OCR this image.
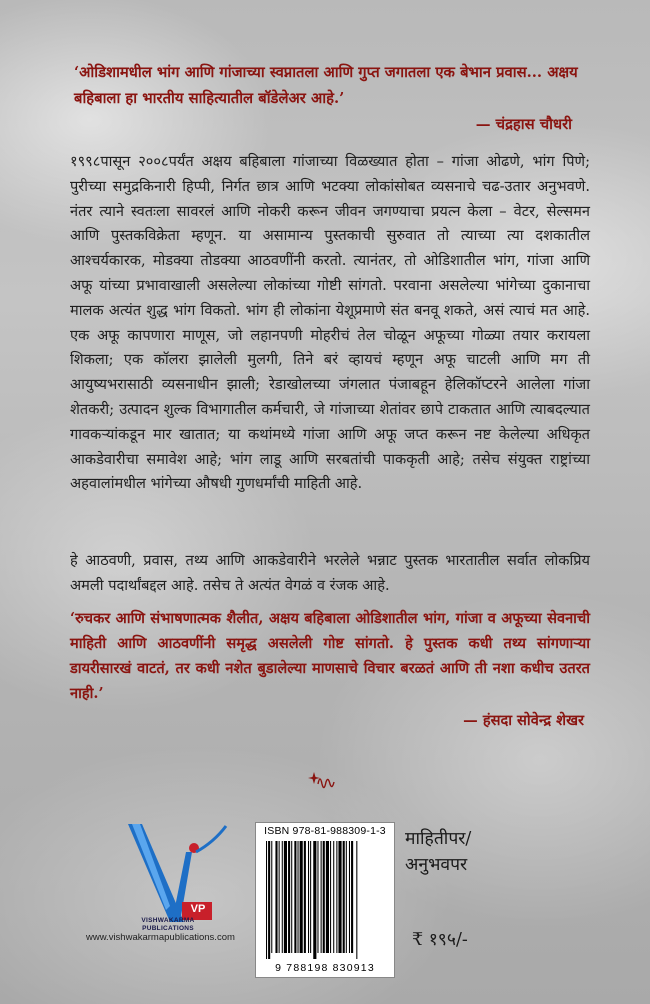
‘ओडिशामधील भांग आणि गांजाच्या स्वप्नातला आणि गुप्त जगातला एक बेभान प्रवास... अक्षय बहिबाला हा भारतीय साहित्यातील बॉडेलेअर आहे.’

— चंद्रहास चौधरी
१९९८पासून २००८पर्यंत अक्षय बहिबाला गांजाच्या विळख्यात होता – गांजा ओढणे, भांग पिणे; पुरीच्या समुद्रकिनारी हिप्पी, निर्गत छात्र आणि भटक्या लोकांसोबत व्यसनाचे चढ-उतार अनुभवणे. नंतर त्याने स्वतःला सावरलं आणि नोकरी करून जीवन जगण्याचा प्रयत्न केला – वेटर, सेल्समन आणि पुस्तकविक्रेता म्हणून. या असामान्य पुस्तकाची सुरुवात तो त्याच्या त्या दशकातील आश्चर्यकारक, मोडक्या तोडक्या आठवणींनी करतो. त्यानंतर, तो ओडिशातील भांग, गांजा आणि अफू यांच्या प्रभावाखाली असलेल्या लोकांच्या गोष्टी सांगतो. परवाना असलेल्या भांगेच्या दुकानाचा मालक अत्यंत शुद्ध भांग विकतो. भांग ही लोकांना येशूप्रमाणे संत बनवू शकते, असं त्याचं मत आहे. एक अफू कापणारा माणूस, जो लहानपणी मोहरीचं तेल चोळून अफूच्या गोळ्या तयार करायला शिकला; एक कॉलरा झालेली मुलगी, तिने बरं व्हायचं म्हणून अफू चाटली आणि मग ती आयुष्यभरासाठी व्यसनाधीन झाली; रेडाखोलच्या जंगलात पंजाबहून हेलिकॉप्टरने आलेला गांजा शेतकरी; उत्पादन शुल्क विभागातील कर्मचारी, जे गांजाच्या शेतांवर छापे टाकतात आणि त्याबदल्यात गावकऱ्यांकडून मार खातात; या कथांमध्ये गांजा आणि अफू जप्त करून नष्ट केलेल्या अधिकृत आकडेवारीचा समावेश आहे; भांग लाडू आणि सरबतांची पाककृती आहे; तसेच संयुक्त राष्ट्रांच्या अहवालांमधील भांगेच्या औषधी गुणधर्मांची माहिती आहे.
हे आठवणी, प्रवास, तथ्य आणि आकडेवारीने भरलेले भन्नाट पुस्तक भारतातील सर्वात लोकप्रिय अमली पदार्थांबद्दल आहे. तसेच ते अत्यंत वेगळं व रंजक आहे.

‘रुचकर आणि संभाषणात्मक शैलीत, अक्षय बहिबाला ओडिशातील भांग, गांजा व अफूच्या सेवनाची माहिती आणि आठवणींनी समृद्ध असलेली गोष्ट सांगतो. हे पुस्तक कधी तथ्य सांगणाऱ्या डायरीसारखं वाटतं, तर कधी नशेत बुडालेल्या माणसाचे विचार बरळतं आणि ती नशा कधीच उतरत नाही.’

— हंसदा सोवेन्द्र शेखर
VISHWAKARMA
PUBLICATIONS
VP
www.vishwakarmapublications.com
ISBN 978-81-988309-1-3
9 788198 830913
माहितीपर/
अनुभवपर
₹ १९५/-
